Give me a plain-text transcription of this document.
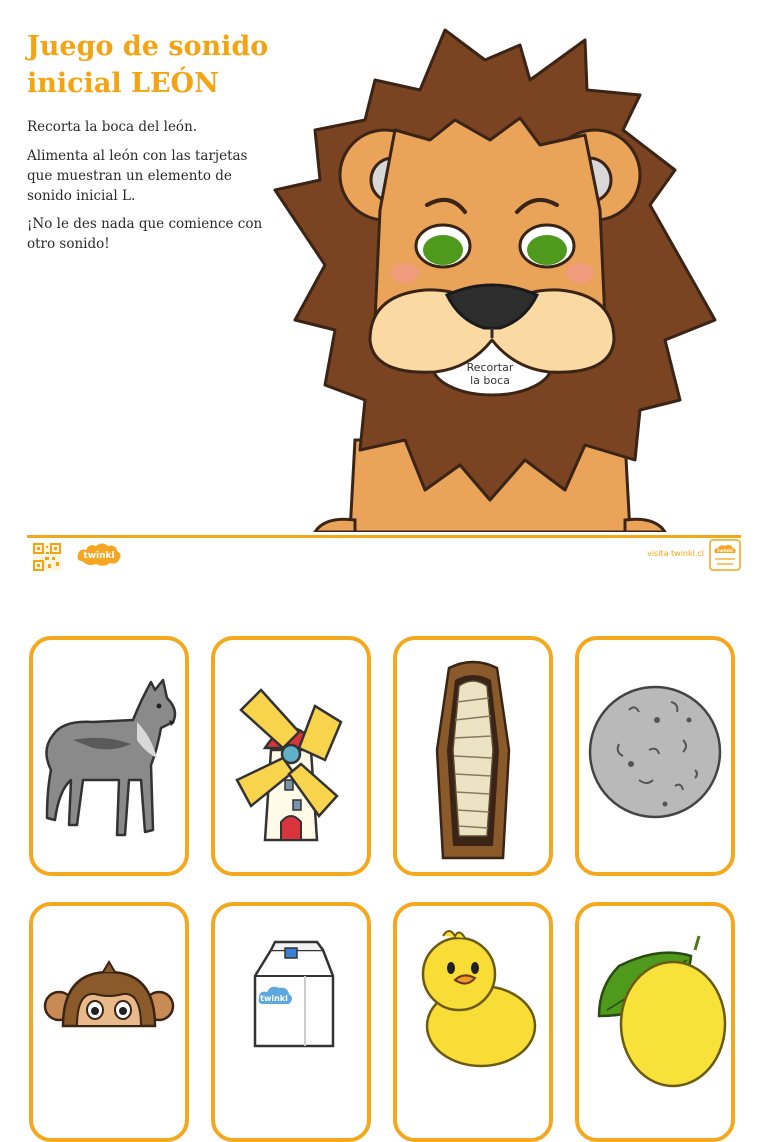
Juego de sonido
inicial LEÓN

Recorta la boca del león.

Alimenta al león con las tarjetas que muestran un elemento de sonido inicial L.

¡No le des nada que comience con otro sonido!

Recortar
la boca
twinkl	visita twinkl.cl	twinkl
twinkl
